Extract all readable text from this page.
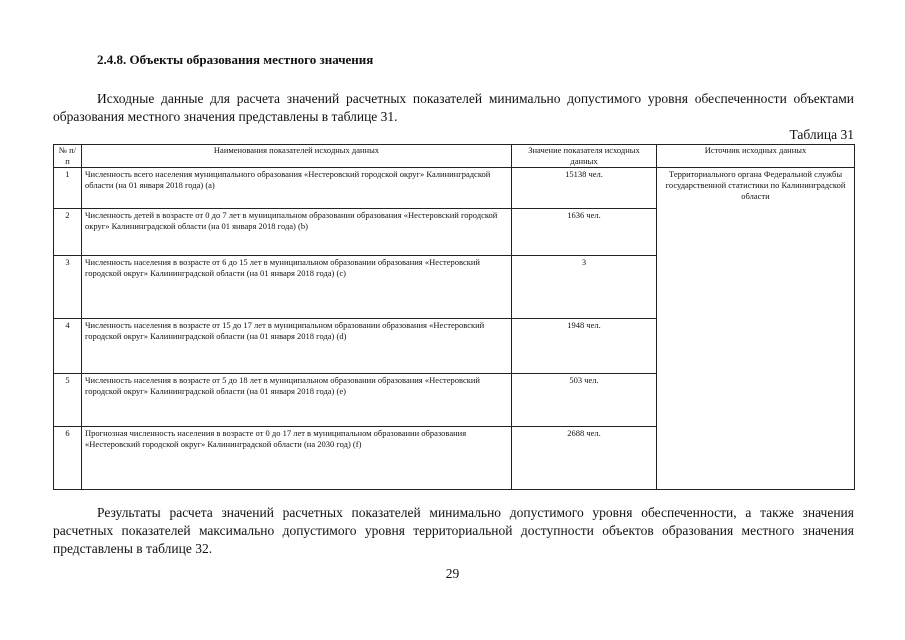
2.4.8. Объекты образования местного значения

Исходные данные для расчета значений расчетных показателей минимально допустимого уровня обеспеченности объектами образования местного значения представлены в таблице 31.

Таблица 31
№ п/п	Наименования показателей исходных данных	Значение показателя исходных данных	Источник исходных данных
1	Численность всего населения муниципального образования «Нестеровский городской округ» Калининградской области (на 01 января 2018 года) (a)	15138 чел.	Территориального органа Федеральной службы государственной статистики по Калининградской области
2	Численность детей в возрасте от 0 до 7 лет в муниципальном образовании образования «Нестеровский городской округ» Калининградской области (на 01 января 2018 года) (b)	1636 чел.	
3	Численность населения в возрасте от 6 до 15 лет в муниципальном образовании образования «Нестеровский городской округ» Калининградской области (на 01 января 2018 года) (c)	3	
4	Численность населения в возрасте от 15 до 17 лет в муниципальном образовании образования «Нестеровский городской округ» Калининградской области (на 01 января 2018 года) (d)	1948 чел.	
5	Численность населения в возрасте от 5 до 18 лет в муниципальном образовании образования «Нестеровский городской округ» Калининградской области (на 01 января 2018 года) (e)	503 чел.	
6	Прогнозная численность населения в возрасте от 0 до 17 лет в муниципальном образовании образования «Нестеровский городской округ» Калининградской области (на 2030 год) (f)	2688 чел.	

Результаты расчета значений расчетных показателей минимально допустимого уровня обеспеченности, а также значения расчетных показателей максимально допустимого уровня территориальной доступности объектов образования местного значения представлены в таблице 32.

29
